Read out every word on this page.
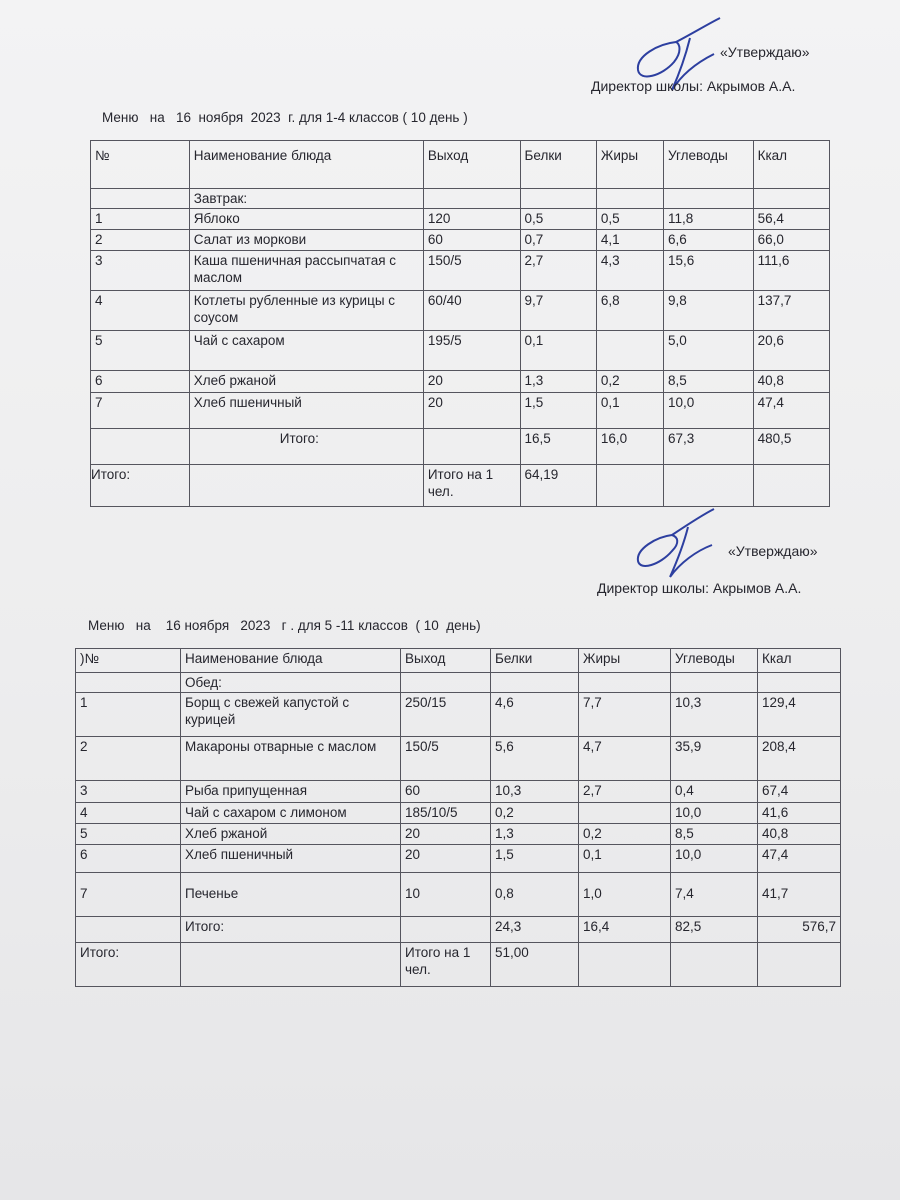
«Утверждаю»
Директор школы: Акрымов А.А.
Меню   на   16  ноября  2023  г. для 1-4 классов ( 10 день )
№	Наименование блюда	Выход	Белки	Жиры	Углеводы	Ккал
	Завтрак:					
1	Яблоко	120	0,5	0,5	11,8	56,4
2	Салат из моркови	60	0,7	4,1	6,6	66,0
3	Каша пшеничная рассыпчатая с маслом	150/5	2,7	4,3	15,6	111,6
4	Котлеты рубленные из курицы с соусом	60/40	9,7	6,8	9,8	137,7
5	Чай с сахаром	195/5	0,1		5,0	20,6
6	Хлеб ржаной	20	1,3	0,2	8,5	40,8
7	Хлеб пшеничный	20	1,5	0,1	10,0	47,4
	Итого:		16,5	16,0	67,3	480,5
Итого:		Итого на 1 чел.	64,19			
«Утверждаю»
Директор школы: Акрымов А.А.
Меню   на    16 ноября   2023   г . для 5 -11 классов  ( 10  день)
)№	Наименование блюда	Выход	Белки	Жиры	Углеводы	Ккал
	Обед:					
1	Борщ с свежей капустой с курицей	250/15	4,6	7,7	10,3	129,4
2	Макароны отварные с маслом	150/5	5,6	4,7	35,9	208,4
3	Рыба припущенная	60	10,3	2,7	0,4	67,4
4	Чай с сахаром с лимоном	185/10/5	0,2		10,0	41,6
5	Хлеб ржаной	20	1,3	0,2	8,5	40,8
6	Хлеб пшеничный	20	1,5	0,1	10,0	47,4
7	Печенье	10	0,8	1,0	7,4	41,7
	Итого:		24,3	16,4	82,5	576,7
Итого:		Итого на 1 чел.	51,00			
